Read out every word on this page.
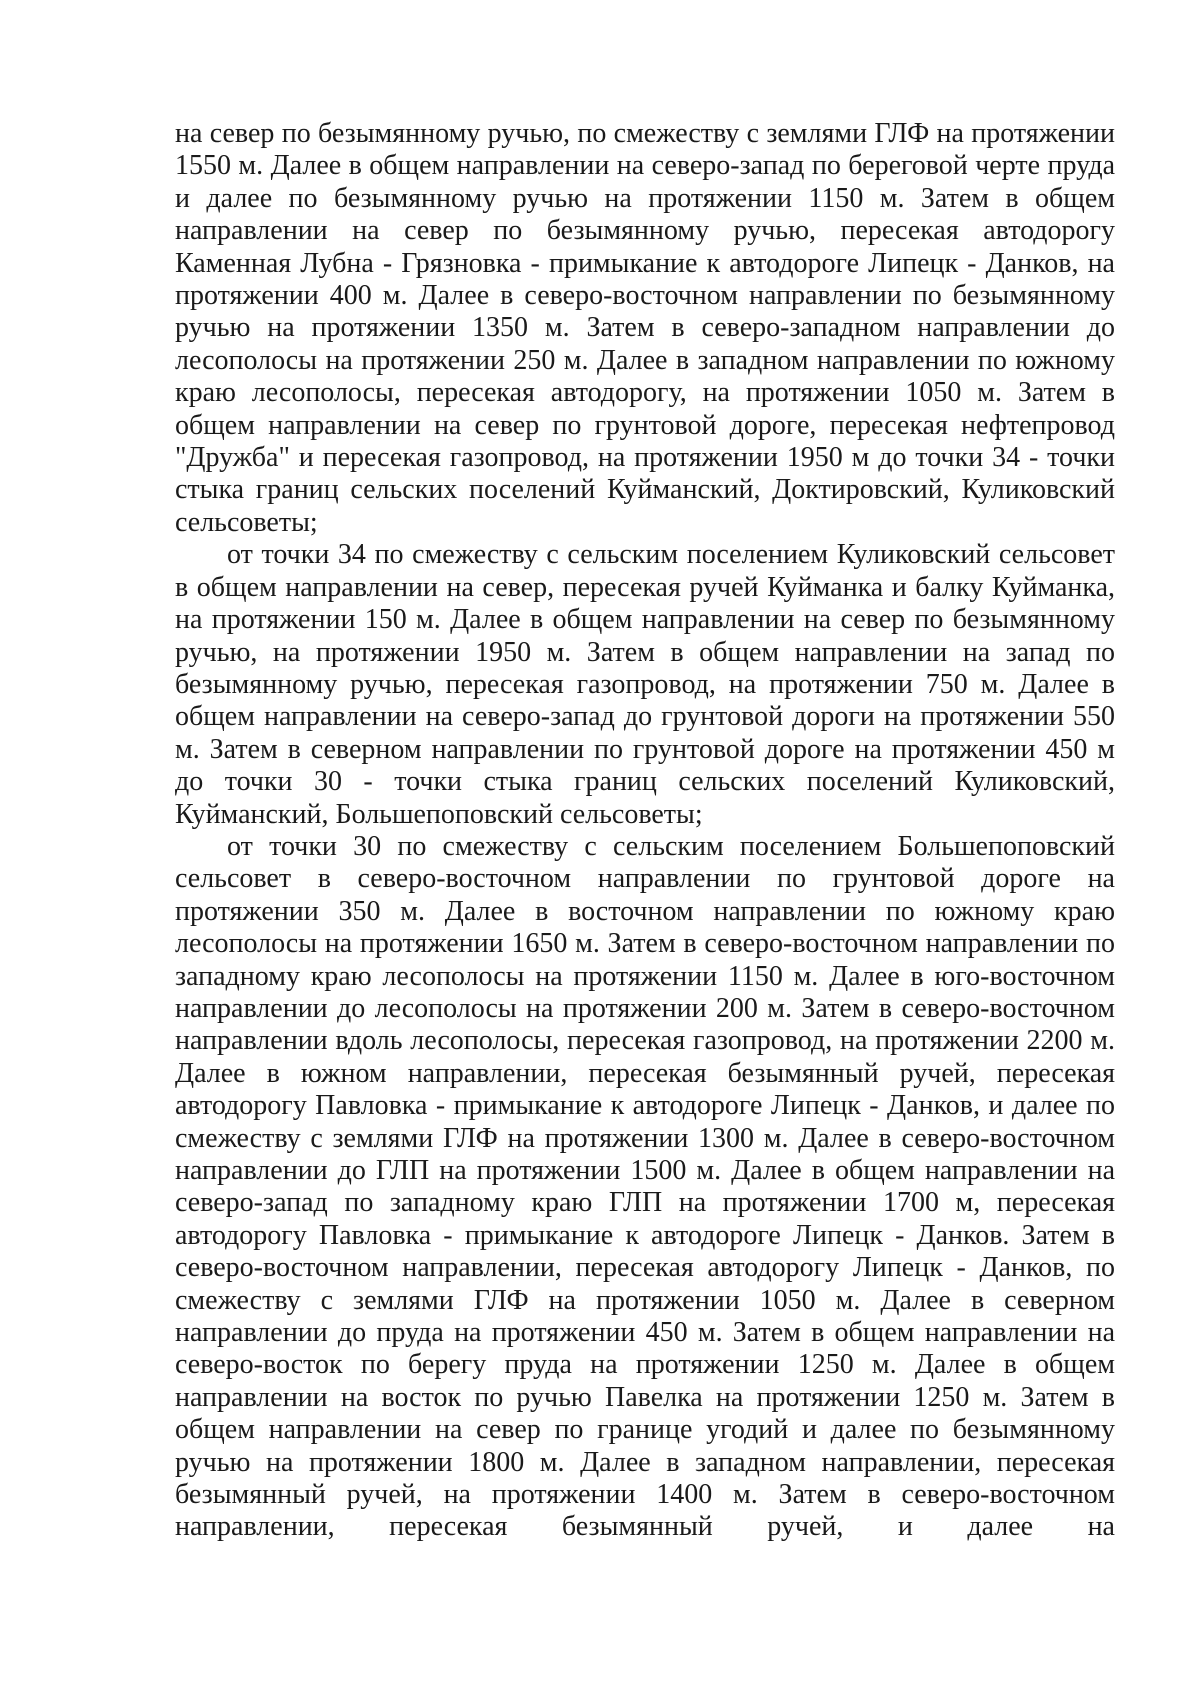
на север по безымянному ручью, по смежеству с землями ГЛФ на протяжении 1550 м. Далее в общем направлении на северо-запад по береговой черте пруда и далее по безымянному ручью на протяжении 1150 м. Затем в общем направлении на север по безымянному ручью, пересекая автодорогу Каменная Лубна - Грязновка - примыкание к автодороге Липецк - Данков, на протяжении 400 м. Далее в северо-восточном направлении по безымянному ручью на протяжении 1350 м. Затем в северо-западном направлении до лесополосы на протяжении 250 м. Далее в западном направлении по южному краю лесополосы, пересекая автодорогу, на протяжении 1050 м. Затем в общем направлении на север по грунтовой дороге, пересекая нефтепровод "Дружба" и пересекая газопровод, на протяжении 1950 м до точки 34 - точки стыка границ сельских поселений Куйманский, Доктировский, Куликовский сельсоветы;

от точки 34 по смежеству с сельским поселением Куликовский сельсовет в общем направлении на север, пересекая ручей Куйманка и балку Куйманка, на протяжении 150 м. Далее в общем направлении на север по безымянному ручью, на протяжении 1950 м. Затем в общем направлении на запад по безымянному ручью, пересекая газопровод, на протяжении 750 м. Далее в общем направлении на северо-запад до грунтовой дороги на протяжении 550 м. Затем в северном направлении по грунтовой дороге на протяжении 450 м до точки 30 - точки стыка границ сельских поселений Куликовский, Куйманский, Большепоповский сельсоветы;

от точки 30 по смежеству с сельским поселением Большепоповский сельсовет в северо-восточном направлении по грунтовой дороге на протяжении 350 м. Далее в восточном направлении по южному краю лесополосы на протяжении 1650 м. Затем в северо-восточном направлении по западному краю лесополосы на протяжении 1150 м. Далее в юго-восточном направлении до лесополосы на протяжении 200 м. Затем в северо-восточном направлении вдоль лесополосы, пересекая газопровод, на протяжении 2200 м. Далее в южном направлении, пересекая безымянный ручей, пересекая автодорогу Павловка - примыкание к автодороге Липецк - Данков, и далее по смежеству с землями ГЛФ на протяжении 1300 м. Далее в северо-восточном направлении до ГЛП на протяжении 1500 м. Далее в общем направлении на северо-запад по западному краю ГЛП на протяжении 1700 м, пересекая автодорогу Павловка - примыкание к автодороге Липецк - Данков. Затем в северо-восточном направлении, пересекая автодорогу Липецк - Данков, по смежеству с землями ГЛФ на протяжении 1050 м. Далее в северном направлении до пруда на протяжении 450 м. Затем в общем направлении на северо-восток по берегу пруда на протяжении 1250 м. Далее в общем направлении на восток по ручью Павелка на протяжении 1250 м. Затем в общем направлении на север по границе угодий и далее по безымянному ручью на протяжении 1800 м. Далее в западном направлении, пересекая безымянный ручей, на протяжении 1400 м. Затем в северо-восточном направлении, пересекая безымянный ручей, и далее на
